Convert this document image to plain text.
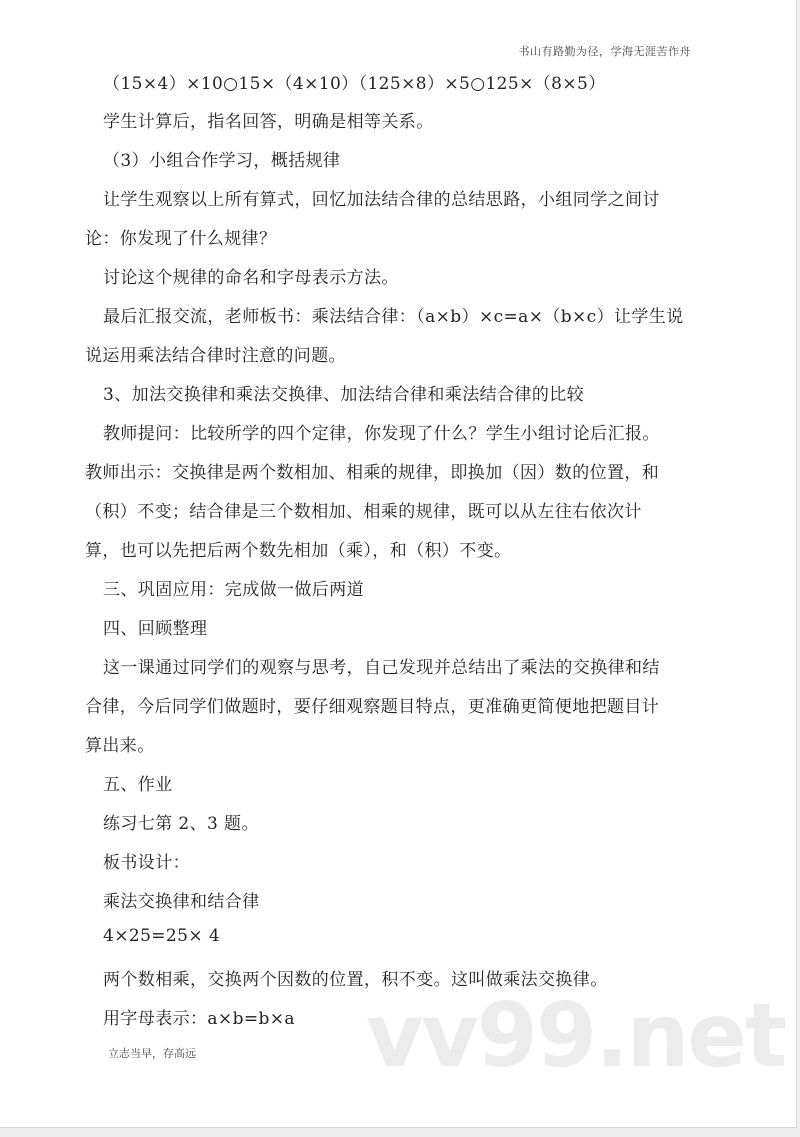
书山有路勤为径，学海无涯苦作舟
（15×4）×10○15×（4×10）（125×8）×5○125×（8×5）
学生计算后，指名回答，明确是相等关系。
（3）小组合作学习，概括规律
让学生观察以上所有算式，回忆加法结合律的总结思路，小组同学之间讨
论：你发现了什么规律？
讨论这个规律的命名和字母表示方法。
最后汇报交流，老师板书：乘法结合律：（a×b）×c=a×（b×c）让学生说
说运用乘法结合律时注意的问题。
3、加法交换律和乘法交换律、加法结合律和乘法结合律的比较
教师提问：比较所学的四个定律，你发现了什么？学生小组讨论后汇报。
教师出示：交换律是两个数相加、相乘的规律，即换加（因）数的位置，和
（积）不变；结合律是三个数相加、相乘的规律，既可以从左往右依次计
算，也可以先把后两个数先相加（乘），和（积）不变。
三、巩固应用：完成做一做后两道
四、回顾整理
这一课通过同学们的观察与思考，自己发现并总结出了乘法的交换律和结
合律，今后同学们做题时，要仔细观察题目特点，更准确更简便地把题目计
算出来。
五、作业
练习七第 2、3 题。
板书设计：
乘法交换律和结合律
4×25=25× 4
两个数相乘，交换两个因数的位置，积不变。这叫做乘法交换律。
用字母表示：a×b=b×a vv99.net
立志当早，存高远
